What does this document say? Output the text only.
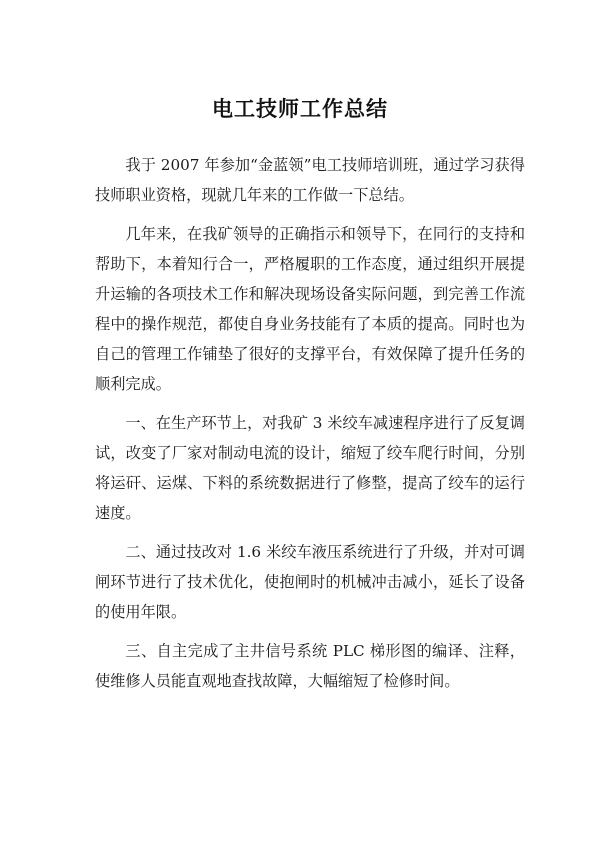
电工技师工作总结

我于 2007 年参加“金蓝领”电工技师培训班，通过学习获得技师职业资格，现就几年来的工作做一下总结。

几年来，在我矿领导的正确指示和领导下，在同行的支持和帮助下，本着知行合一，严格履职的工作态度，通过组织开展提升运输的各项技术工作和解决现场设备实际问题，到完善工作流程中的操作规范，都使自身业务技能有了本质的提高。同时也为自己的管理工作铺垫了很好的支撑平台，有效保障了提升任务的顺利完成。

一、在生产环节上，对我矿 3 米绞车减速程序进行了反复调试，改变了厂家对制动电流的设计，缩短了绞车爬行时间，分别将运矸、运煤、下料的系统数据进行了修整，提高了绞车的运行速度。

二、通过技改对 1.6 米绞车液压系统进行了升级，并对可调闸环节进行了技术优化，使抱闸时的机械冲击减小，延长了设备的使用年限。

三、自主完成了主井信号系统 PLC 梯形图的编译、注释，使维修人员能直观地查找故障，大幅缩短了检修时间。
